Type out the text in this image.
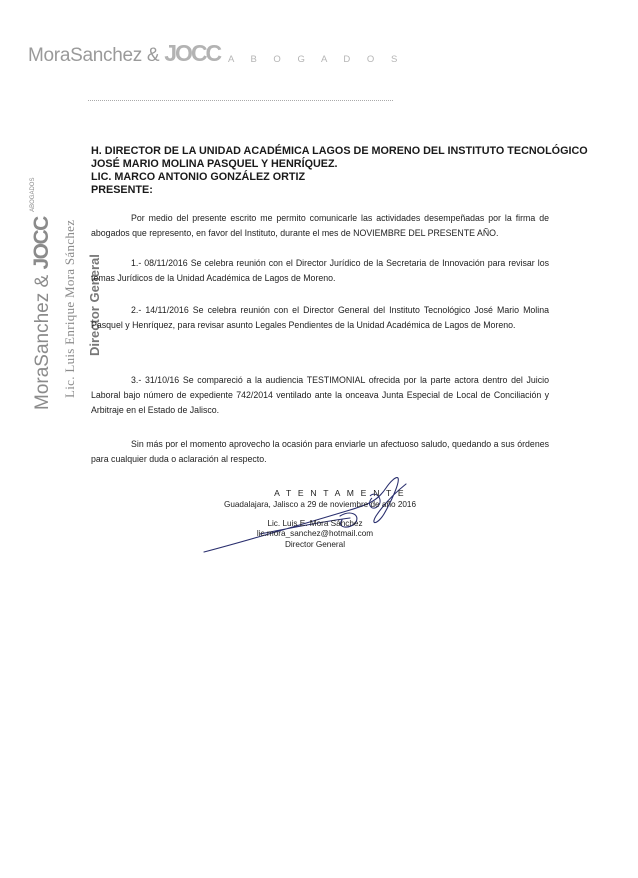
MoraSanchez & JOCC A B O G A D O S
MoraSanchez & JOCC $^{ABOGADOS}$
Lic. Luis Enrique Mora Sánchez Director General
H. DIRECTOR DE LA UNIDAD ACADÉMICA LAGOS DE MORENO DEL INSTITUTO TECNOLÓGICO
JOSÉ MARIO MOLINA PASQUEL Y HENRÍQUEZ.
LIC. MARCO ANTONIO GONZÁLEZ ORTIZ
PRESENTE:
Por medio del presente escrito me permito comunicarle las actividades desempeñadas por la firma de abogados que represento, en favor del Instituto, durante el mes de NOVIEMBRE DEL PRESENTE AÑO.
1.- 08/11/2016 Se celebra reunión con el Director Jurídico de la Secretaria de Innovación para revisar los temas Jurídicos de la Unidad Académica de Lagos de Moreno.
2.- 14/11/2016 Se celebra reunión con el Director General del Instituto Tecnológico José Mario Molina Pasquel y Henríquez, para revisar asunto Legales Pendientes de la Unidad Académica de Lagos de Moreno.
3.- 31/10/16 Se compareció a la audiencia TESTIMONIAL ofrecida por la parte actora dentro del Juicio Laboral bajo número de expediente 742/2014 ventilado ante la onceava Junta Especial de Local de Conciliación y Arbitraje en el Estado de Jalisco.
Sin más por el momento aprovecho la ocasión para enviarle un afectuoso saludo, quedando a sus órdenes para cualquier duda o aclaración al respecto.
A T E N T A M E N T E
Guadalajara, Jalisco a 29 de noviembre de año 2016
Lic. Luis E. Mora Sánchez
lic.mora_sanchez@hotmail.com
Director General
